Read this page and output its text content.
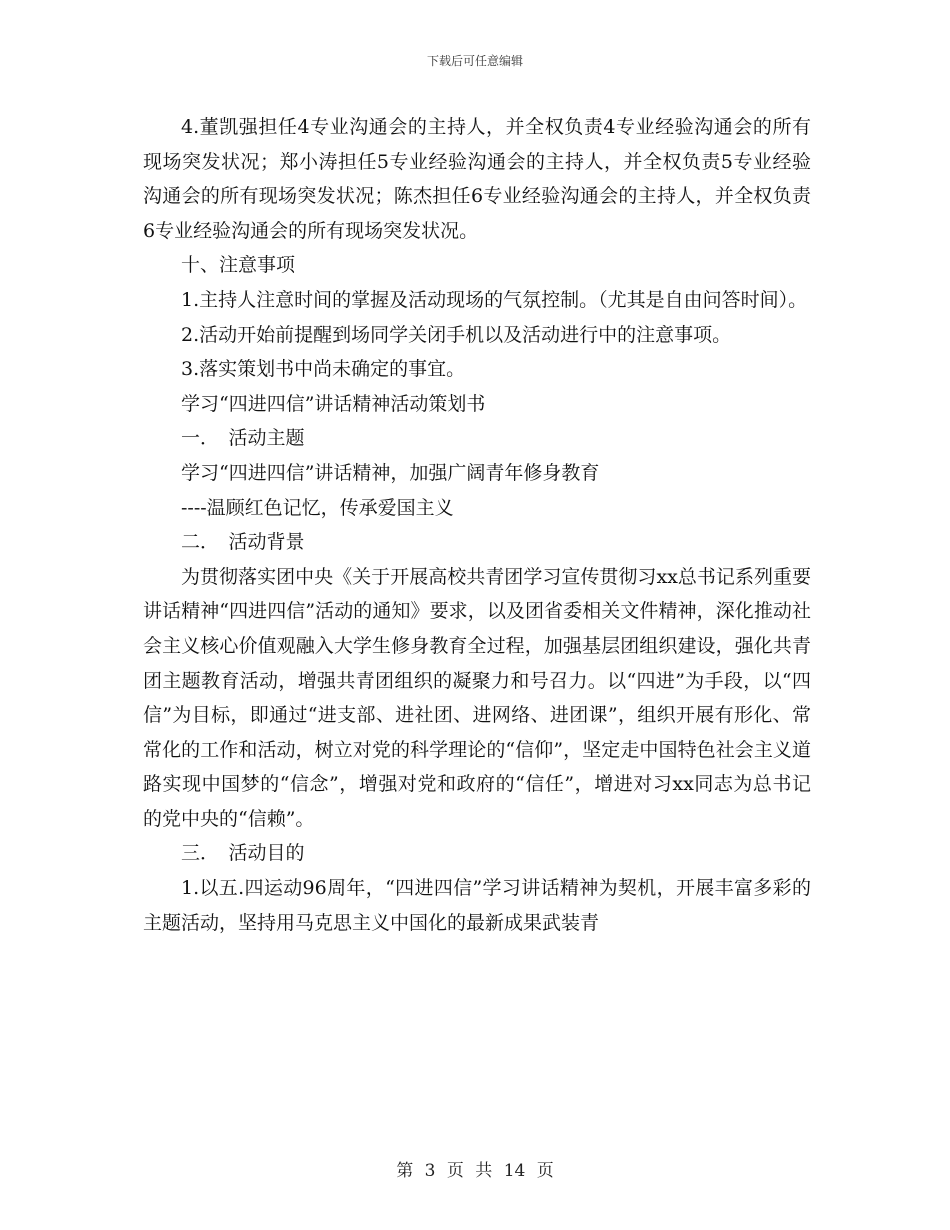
下载后可任意编辑

4.董凯强担任4专业沟通会的主持人，并全权负责4专业经验沟通会的所有现场突发状况；郑小涛担任5专业经验沟通会的主持人，并全权负责5专业经验沟通会的所有现场突发状况；陈杰担任6专业经验沟通会的主持人，并全权负责6专业经验沟通会的所有现场突发状况。

十、注意事项

1.主持人注意时间的掌握及活动现场的气氛控制。（尤其是自由问答时间）。

2.活动开始前提醒到场同学关闭手机以及活动进行中的注意事项。

3.落实策划书中尚未确定的事宜。

学习“四进四信”讲话精神活动策划书

一．　活动主题

学习“四进四信”讲话精神，加强广阔青年修身教育

----温顾红色记忆，传承爱国主义

二．　活动背景

为贯彻落实团中央《关于开展高校共青团学习宣传贯彻习xx总书记系列重要讲话精神“四进四信”活动的通知》要求，以及团省委相关文件精神，深化推动社会主义核心价值观融入大学生修身教育全过程，加强基层团组织建设，强化共青团主题教育活动，增强共青团组织的凝聚力和号召力。以“四进”为手段，以“四信”为目标，即通过“进支部、进社团、进网络、进团课”，组织开展有形化、常常化的工作和活动，树立对党的科学理论的“信仰”，坚定走中国特色社会主义道路实现中国梦的“信念”，增强对党和政府的“信任”，增进对习xx同志为总书记的党中央的“信赖”。

三．　活动目的

1.以五.四运动96周年，“四进四信”学习讲话精神为契机，开展丰富多彩的主题活动，坚持用马克思主义中国化的最新成果武装青

第 3 页 共 14 页
